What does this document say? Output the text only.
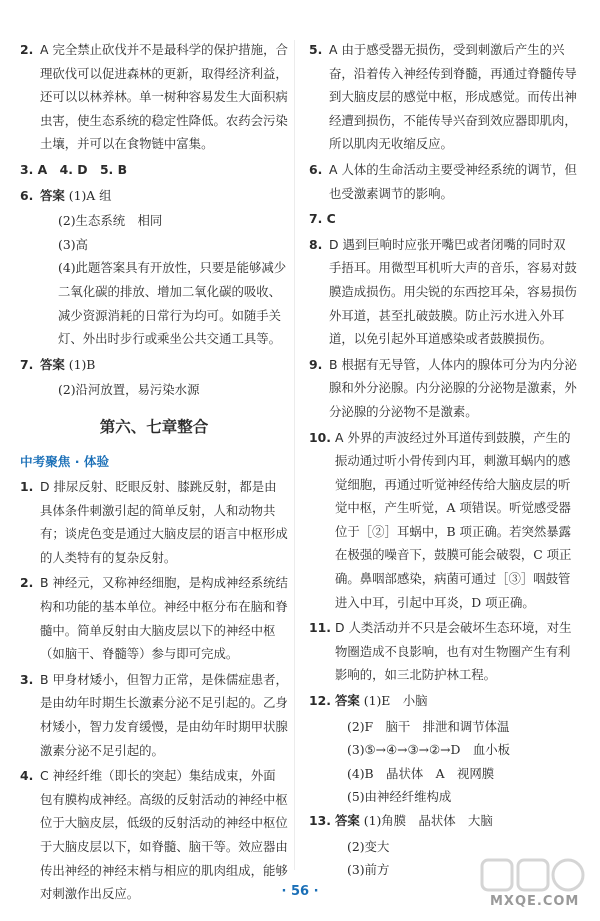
2. A 完全禁止砍伐并不是最科学的保护措施，合理砍伐可以促进森林的更新，取得经济利益，还可以以林养林。单一树种容易发生大面积病虫害，使生态系统的稳定性降低。农药会污染土壤，并可以在食物链中富集。
3. A　4. D　5. B
6. 答案 (1)A 组
(2)生态系统　相同
(3)高
(4)此题答案具有开放性，只要是能够减少二氧化碳的排放、增加二氧化碳的吸收、减少资源消耗的日常行为均可。如随手关灯、外出时步行或乘坐公共交通工具等。
7. 答案 (1)B
(2)沿河放置，易污染水源
第六、七章整合
中考聚焦 · 体验
1. D 排尿反射、眨眼反射、膝跳反射，都是由具体条件刺激引起的简单反射，人和动物共有；谈虎色变是通过大脑皮层的语言中枢形成的人类特有的复杂反射。
2. B 神经元，又称神经细胞，是构成神经系统结构和功能的基本单位。神经中枢分布在脑和脊髓中。简单反射由大脑皮层以下的神经中枢（如脑干、脊髓等）参与即可完成。
3. B 甲身材矮小，但智力正常，是侏儒症患者，是由幼年时期生长激素分泌不足引起的。乙身材矮小，智力发育缓慢，是由幼年时期甲状腺激素分泌不足引起的。
4. C 神经纤维（即长的突起）集结成束，外面包有膜构成神经。高级的反射活动的神经中枢位于大脑皮层，低级的反射活动的神经中枢位于大脑皮层以下，如脊髓、脑干等。效应器由传出神经的神经末梢与相应的肌肉组成，能够对刺激作出反应。
5. A 由于感受器无损伤，受到刺激后产生的兴奋，沿着传入神经传到脊髓，再通过脊髓传导到大脑皮层的感觉中枢，形成感觉。而传出神经遭到损伤，不能传导兴奋到效应器即肌肉，所以肌肉无收缩反应。
6. A 人体的生命活动主要受神经系统的调节，但也受激素调节的影响。
7. C
8. D 遇到巨响时应张开嘴巴或者闭嘴的同时双手捂耳。用微型耳机听大声的音乐，容易对鼓膜造成损伤。用尖锐的东西挖耳朵，容易损伤外耳道，甚至扎破鼓膜。防止污水进入外耳道，以免引起外耳道感染或者鼓膜损伤。
9. B 根据有无导管，人体内的腺体可分为内分泌腺和外分泌腺。内分泌腺的分泌物是激素，外分泌腺的分泌物不是激素。
10. A 外界的声波经过外耳道传到鼓膜，产生的振动通过听小骨传到内耳，刺激耳蜗内的感觉细胞，再通过听觉神经传给大脑皮层的听觉中枢，产生听觉，A 项错误。听觉感受器位于［②］耳蜗中，B 项正确。若突然暴露在极强的噪音下，鼓膜可能会破裂，C 项正确。鼻咽部感染，病菌可通过［③］咽鼓管进入中耳，引起中耳炎，D 项正确。
11. D 人类活动并不只是会破坏生态环境，对生物圈造成不良影响，也有对生物圈产生有利影响的，如三北防护林工程。
12. 答案 (1)E　小脑
(2)F　脑干　排泄和调节体温
(3)⑤→④→③→②→D　血小板
(4)B　晶状体　A　视网膜
(5)由神经纤维构成
13. 答案 (1)角膜　晶状体　大脑
(2)变大
(3)前方
· 56 ·
MXQE.COM
